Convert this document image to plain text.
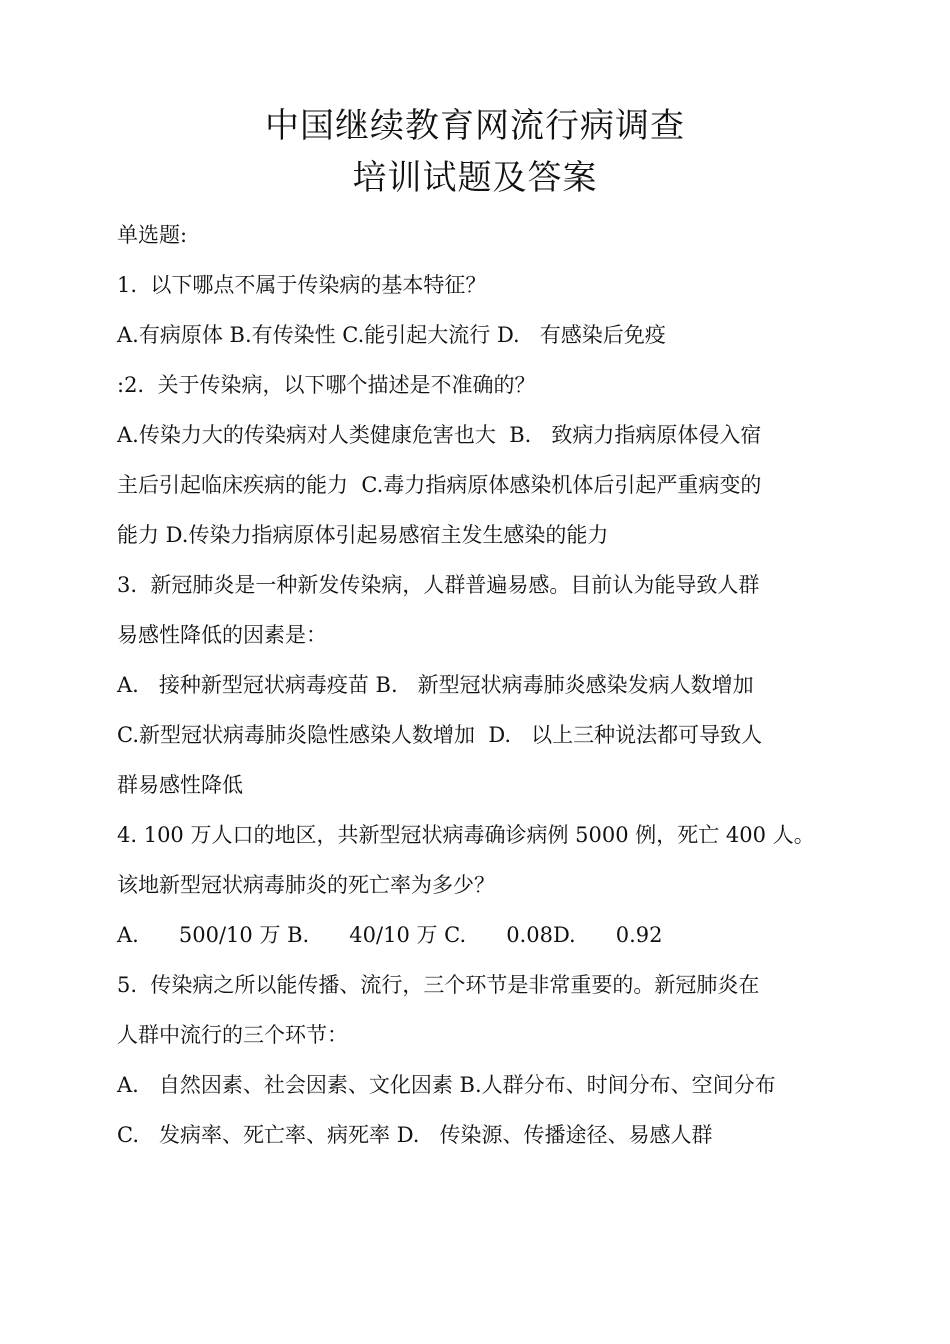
中国继续教育网流行病调查
培训试题及答案
单选题:
1.  以下哪点不属于传染病的基本特征？
A.有病原体 B.有传染性 C.能引起大流行 D.   有感染后免疫
:2.  关于传染病，以下哪个描述是不准确的？
A.传染力大的传染病对人类健康危害也大  B.   致病力指病原体侵入宿
主后引起临床疾病的能力  C.毒力指病原体感染机体后引起严重病变的
能力 D.传染力指病原体引起易感宿主发生感染的能力
3.  新冠肺炎是一种新发传染病，人群普遍易感。目前认为能导致人群
易感性降低的因素是：
A.   接种新型冠状病毒疫苗 B.   新型冠状病毒肺炎感染发病人数增加
C.新型冠状病毒肺炎隐性感染人数增加  D.   以上三种说法都可导致人
群易感性降低
4. 100 万人口的地区，共新型冠状病毒确诊病例 5000 例，死亡 400 人。
该地新型冠状病毒肺炎的死亡率为多少？
A.      500/10 万 B.      40/10 万 C.      0.08D.      0.92
5.  传染病之所以能传播、流行，三个环节是非常重要的。新冠肺炎在
人群中流行的三个环节：
A.   自然因素、社会因素、文化因素 B.人群分布、时间分布、空间分布
C.   发病率、死亡率、病死率 D.   传染源、传播途径、易感人群
